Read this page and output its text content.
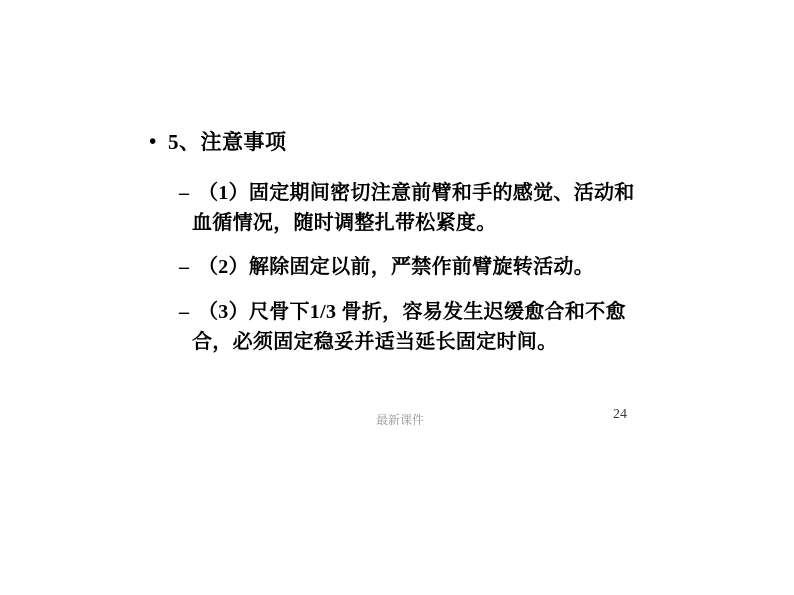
• 5、注意事项
– （1）固定期间密切注意前臂和手的感觉、活动和
血循情况，随时调整扎带松紧度。
– （2）解除固定以前，严禁作前臂旋转活动。
– （3）尺骨下1/3 骨折，容易发生迟缓愈合和不愈
合，必须固定稳妥并适当延长固定时间。
最新课件	24
